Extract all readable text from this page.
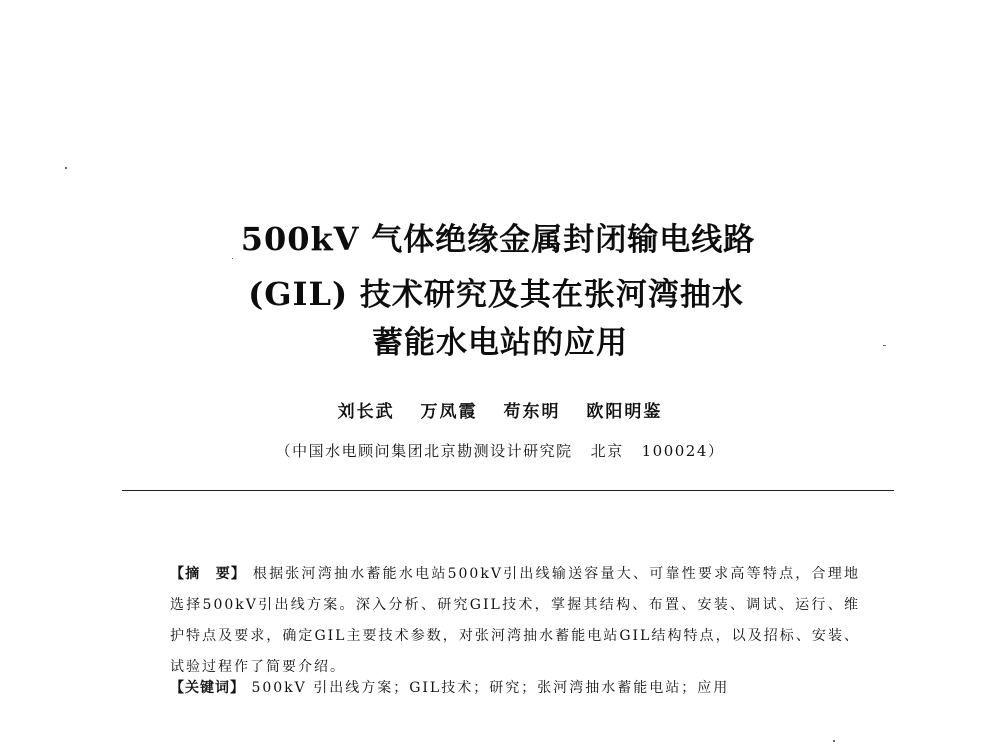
500kV 气体绝缘金属封闭输电线路
(GIL) 技术研究及其在张河湾抽水
蓄能水电站的应用
刘长武 万凤霞 苟东明 欧阳明鉴
（中国水电顾问集团北京勘测设计研究院 北京 100024）
【摘　要】 根据张河湾抽水蓄能水电站500kV引出线输送容量大、可靠性要求高等特点，合理地选择500kV引出线方案。深入分析、研究GIL技术，掌握其结构、布置、安装、调试、运行、维护特点及要求，确定GIL主要技术参数，对张河湾抽水蓄能电站GIL结构特点，以及招标、安装、试验过程作了简要介绍。
【关键词】 500kV 引出线方案；GIL技术；研究；张河湾抽水蓄能电站；应用
